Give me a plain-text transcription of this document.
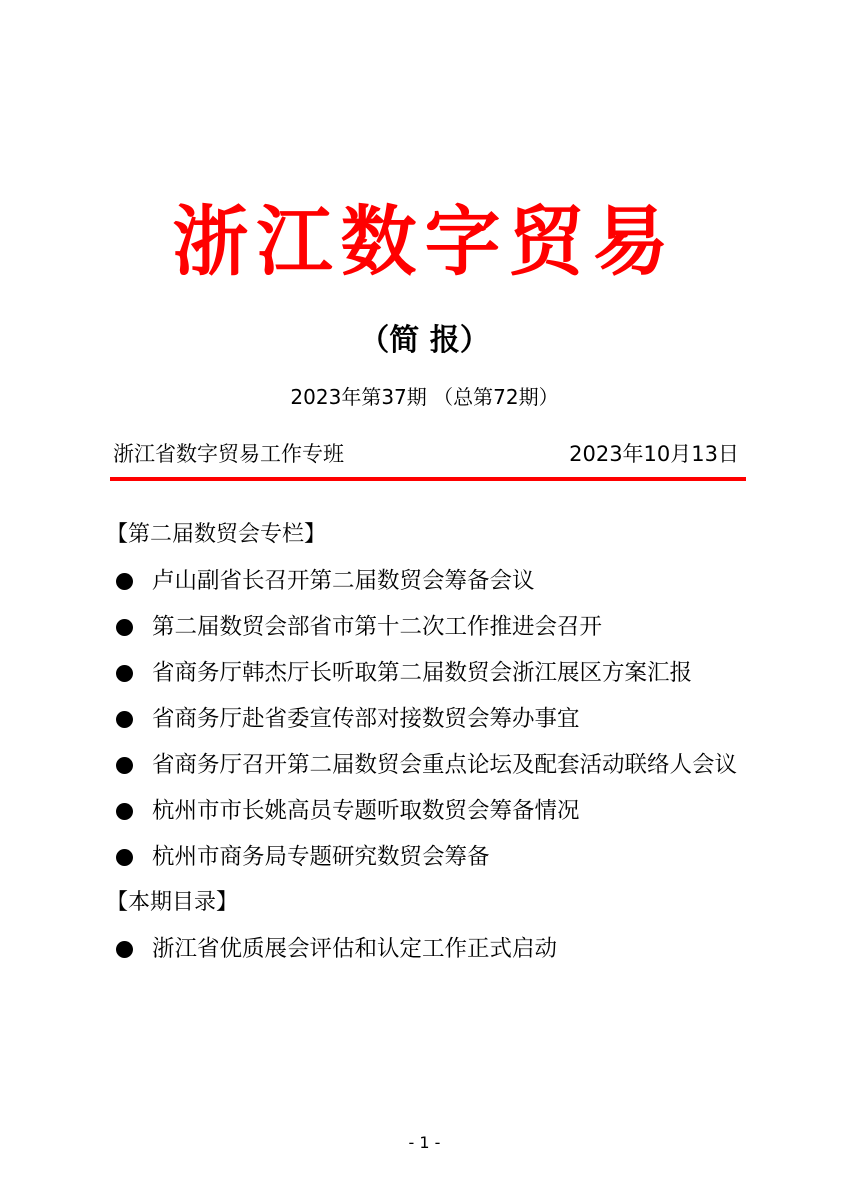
浙江数字贸易
（简 报）
2023年第37期 （总第72期）
浙江省数字贸易工作专班	2023年10月13日
【第二届数贸会专栏】
卢山副省长召开第二届数贸会筹备会议
第二届数贸会部省市第十二次工作推进会召开
省商务厅韩杰厅长听取第二届数贸会浙江展区方案汇报
省商务厅赴省委宣传部对接数贸会筹办事宜
省商务厅召开第二届数贸会重点论坛及配套活动联络人会议
杭州市市长姚高员专题听取数贸会筹备情况
杭州市商务局专题研究数贸会筹备
【本期目录】
浙江省优质展会评估和认定工作正式启动
- 1 -
